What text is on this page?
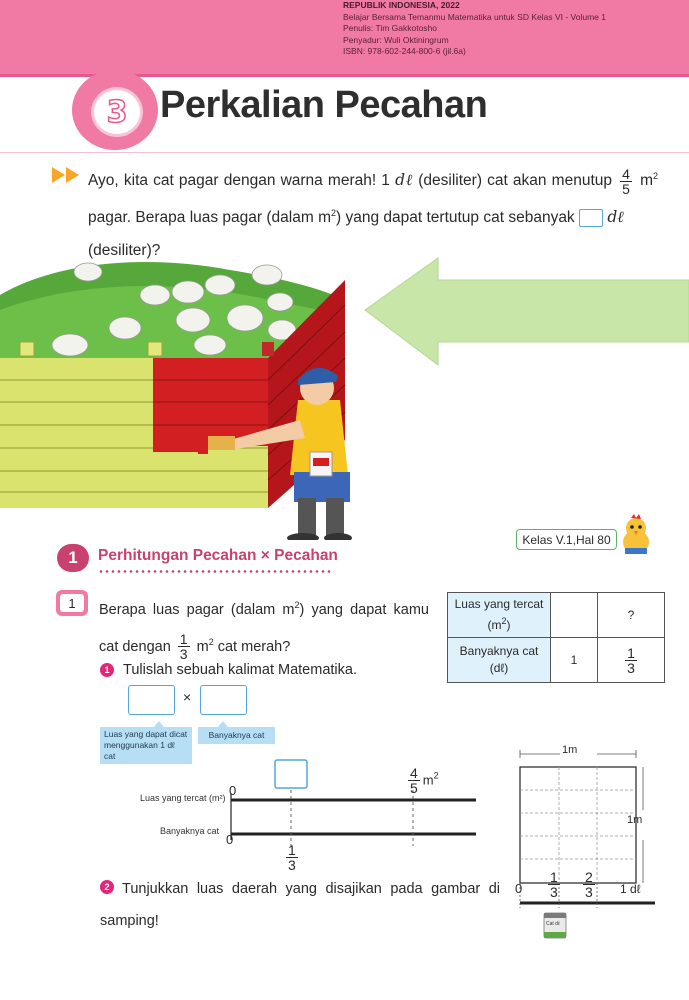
REPUBLIK INDONESIA, 2022
Belajar Bersama Temanmu Matematika untuk SD Kelas VI - Volume 1
Penulis: Tim Gakkotosho
Penyadur: Wuli Oktiningrum
ISBN: 978-602-244-800-6 (jil.6a)
3 Perkalian Pecahan
Ayo, kita cat pagar dengan warna merah! 1 dℓ (desiliter) cat akan menutup $\frac{4}{5} m^2$ pagar. Berapa luas pagar (dalam $m^2$) yang dapat tertutup cat sebanyak  dℓ
(desiliter)?
Kelas V.1,Hal 80
1	Perhitungan Pecahan × Pecahan
1	Berapa luas pagar (dalam $m^2$) yang dapat kamu cat dengan $\frac{1}{3} m^2$ cat merah?
Luas yang tercat
$(m^2)$		?
Banyaknya cat
(dℓ)	1	$\frac{1}{3}$
1 Tulislah sebuah kalimat Matematika.
×
Luas yang dapat dicat menggunakan 1 dℓ cat
Banyaknya cat
Luas yang tercat (m²)
Banyaknya cat
0
0
$\frac{4}{5} m^2$
$\frac{1}{3}$
1m
1m
$0 \frac{1}{3} \frac{2}{3} 1$ dℓ
Cat dℓ
2 Tunjukkan luas daerah yang disajikan pada gambar di samping!
